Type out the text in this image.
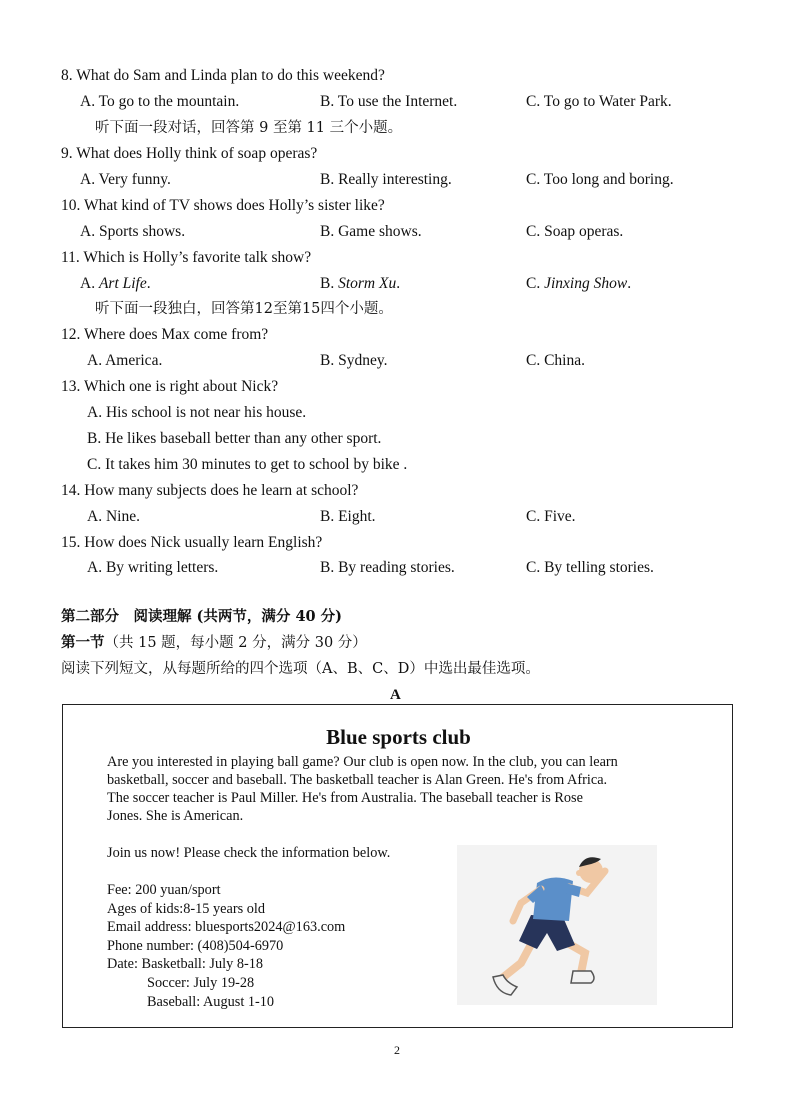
8. What do Sam and Linda plan to do this weekend?
A. To go to the mountain.	B. To use the Internet.	C. To go to Water Park.
听下面一段对话，回答第 9 至第 11 三个小题。
9. What does Holly think of soap operas?
A. Very funny.	B. Really interesting.	C. Too long and boring.
10. What kind of TV shows does Holly’s sister like?
A. Sports shows.	B. Game shows.	C. Soap operas.
11. Which is Holly’s favorite talk show?
A. Art Life.	B. Storm Xu.	C. Jinxing Show.
听下面一段独白，回答第12至第15四个小题。
12. Where does Max come from?
A. America.	B. Sydney.	C. China.
13. Which one is right about Nick?
A. His school is not near his house.
B. He likes baseball better than any other sport.
C. It takes him 30 minutes to get to school by bike .
14. How many subjects does he learn at school?
A. Nine.	B. Eight.	C. Five.
15. How does Nick usually learn English?
A. By writing letters.	B. By reading stories.	C. By telling stories.
第二部分　阅读理解 (共两节，满分 40 分)
第一节（共 15 题，每小题 2 分，满分 30 分）
阅读下列短文，从每题所给的四个选项（A、B、C、D）中选出最佳选项。
A
Blue sports club
Are you interested in playing ball game? Our club is open now. In the club, you can learn
basketball, soccer and baseball. The basketball teacher is Alan Green. He's from Africa.
The soccer teacher is Paul Miller. He's from Australia. The baseball teacher is Rose
Jones. She is American.
Join us now! Please check the information below.
Fee: 200 yuan/sport
Ages of kids:8-15 years old
Email address: bluesports2024@163.com
Phone number: (408)504-6970
Date: Basketball: July 8-18
Soccer: July 19-28
Baseball: August 1-10
2
